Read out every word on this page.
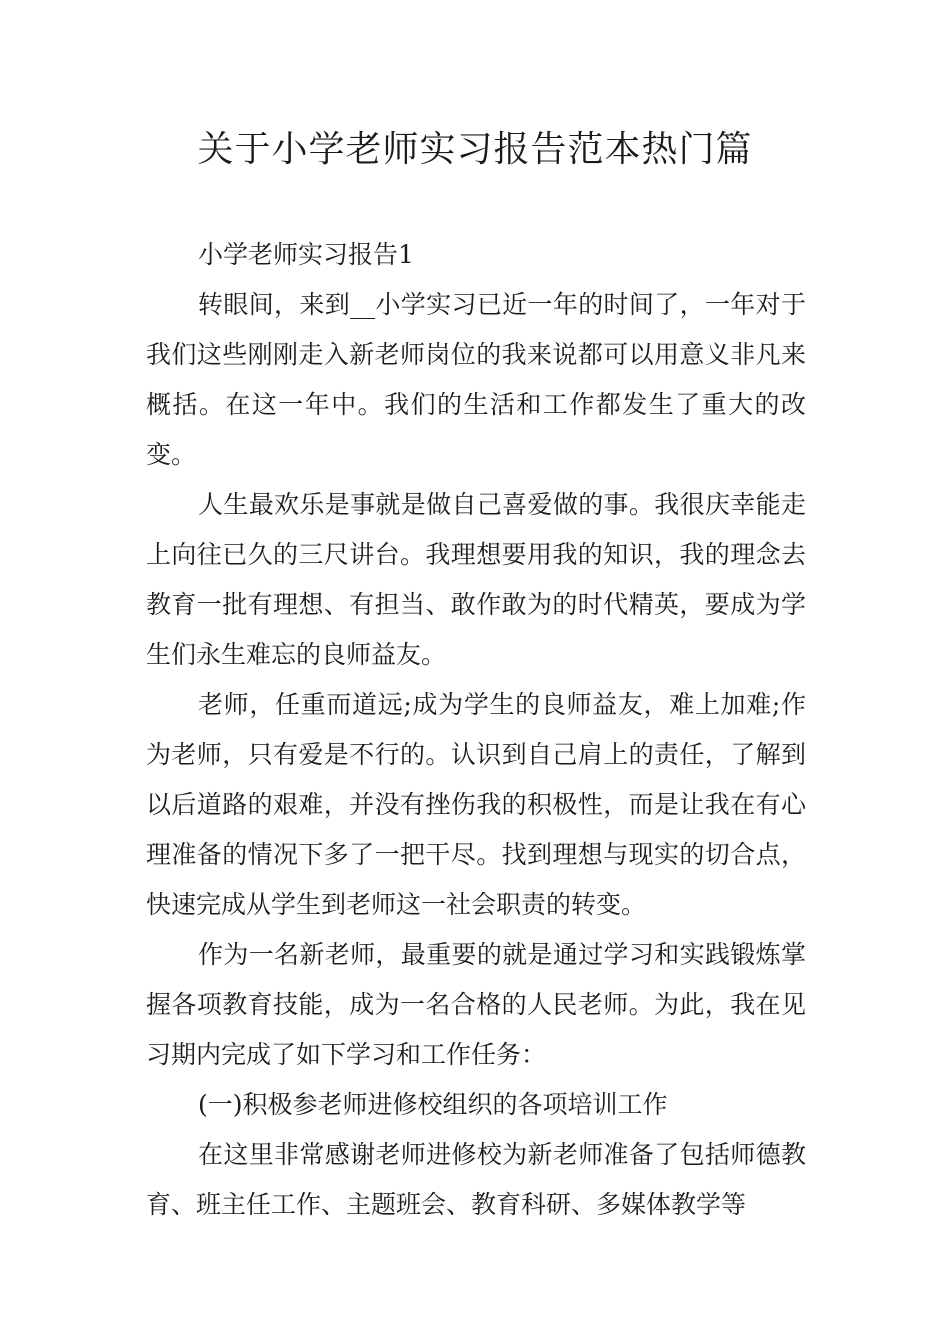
关于小学老师实习报告范本热门篇

小学老师实习报告1

转眼间，来到__小学实习已近一年的时间了，一年对于我们这些刚刚走入新老师岗位的我来说都可以用意义非凡来概括。在这一年中。我们的生活和工作都发生了重大的改变。

人生最欢乐是事就是做自己喜爱做的事。我很庆幸能走上向往已久的三尺讲台。我理想要用我的知识，我的理念去教育一批有理想、有担当、敢作敢为的时代精英，要成为学生们永生难忘的良师益友。

老师，任重而道远;成为学生的良师益友，难上加难;作为老师，只有爱是不行的。认识到自己肩上的责任，了解到以后道路的艰难，并没有挫伤我的积极性，而是让我在有心理准备的情况下多了一把干尽。找到理想与现实的切合点，快速完成从学生到老师这一社会职责的转变。

作为一名新老师，最重要的就是通过学习和实践锻炼掌握各项教育技能，成为一名合格的人民老师。为此，我在见习期内完成了如下学习和工作任务：

(一)积极参老师进修校组织的各项培训工作

在这里非常感谢老师进修校为新老师准备了包括师德教育、班主任工作、主题班会、教育科研、多媒体教学等
